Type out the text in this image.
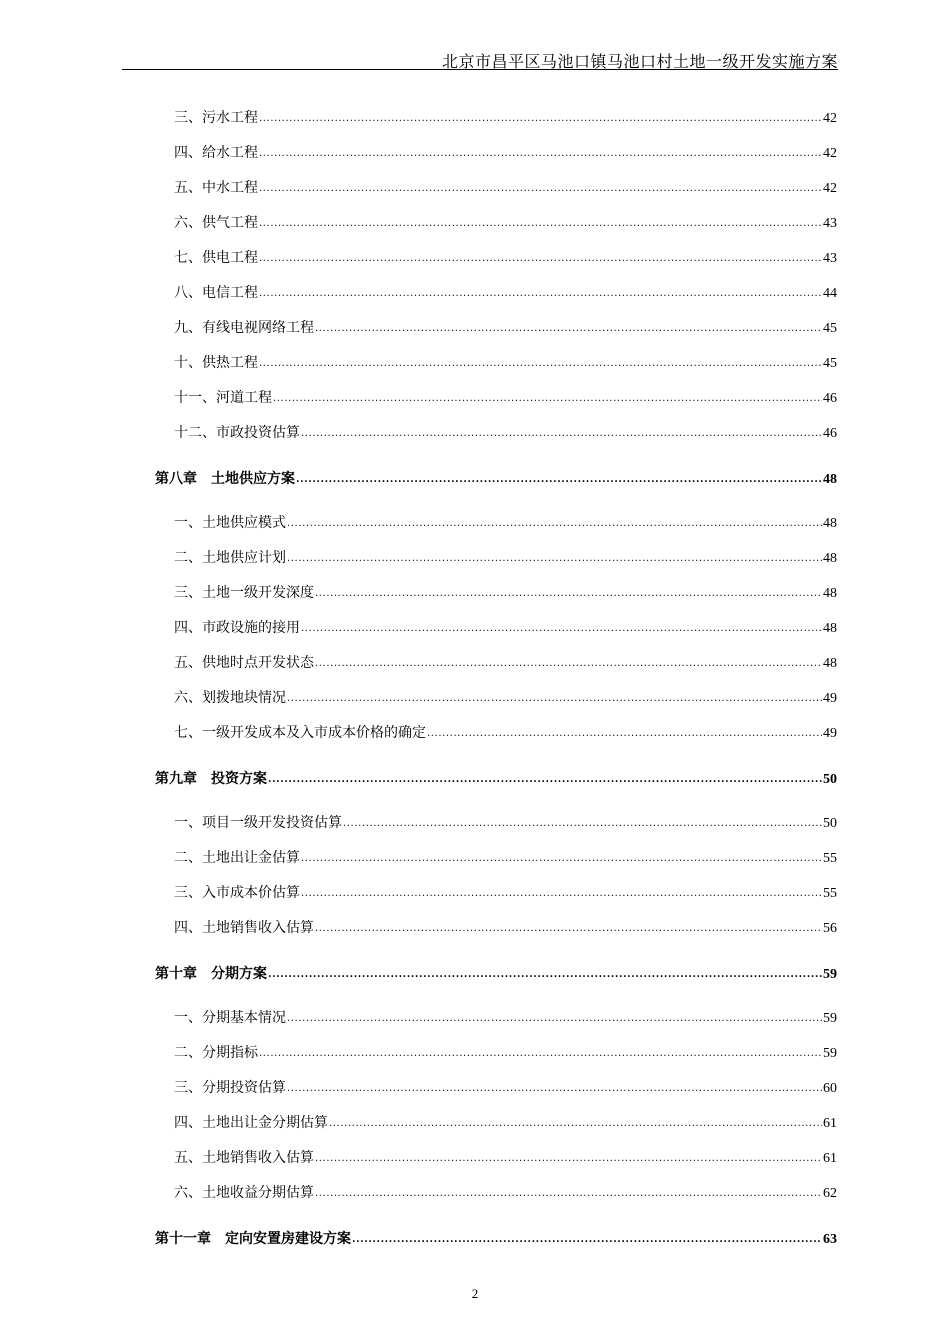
北京市昌平区马池口镇马池口村土地一级开发实施方案
三、污水工程 .....	42
四、给水工程 .....	42
五、中水工程 .....	42
六、供气工程 .....	43
七、供电工程 .....	43
八、电信工程 .....	44
九、有线电视网络工程 .....	45
十、供热工程 .....	45
十一、河道工程 .....	46
十二、市政投资估算 .....	46
第八章　土地供应方案 .....	48
一、土地供应模式 .....	48
二、土地供应计划 .....	48
三、土地一级开发深度 .....	48
四、市政设施的接用 .....	48
五、供地时点开发状态 .....	48
六、划拨地块情况 .....	49
七、一级开发成本及入市成本价格的确定 .....	49
第九章　投资方案 .....	50
一、项目一级开发投资估算 .....	50
二、土地出让金估算 .....	55
三、入市成本价估算 .....	55
四、土地销售收入估算 .....	56
第十章　分期方案 .....	59
一、分期基本情况 .....	59
二、分期指标 .....	59
三、分期投资估算 .....	60
四、土地出让金分期估算 .....	61
五、土地销售收入估算 .....	61
六、土地收益分期估算 .....	62
第十一章　定向安置房建设方案 .....	63
2
